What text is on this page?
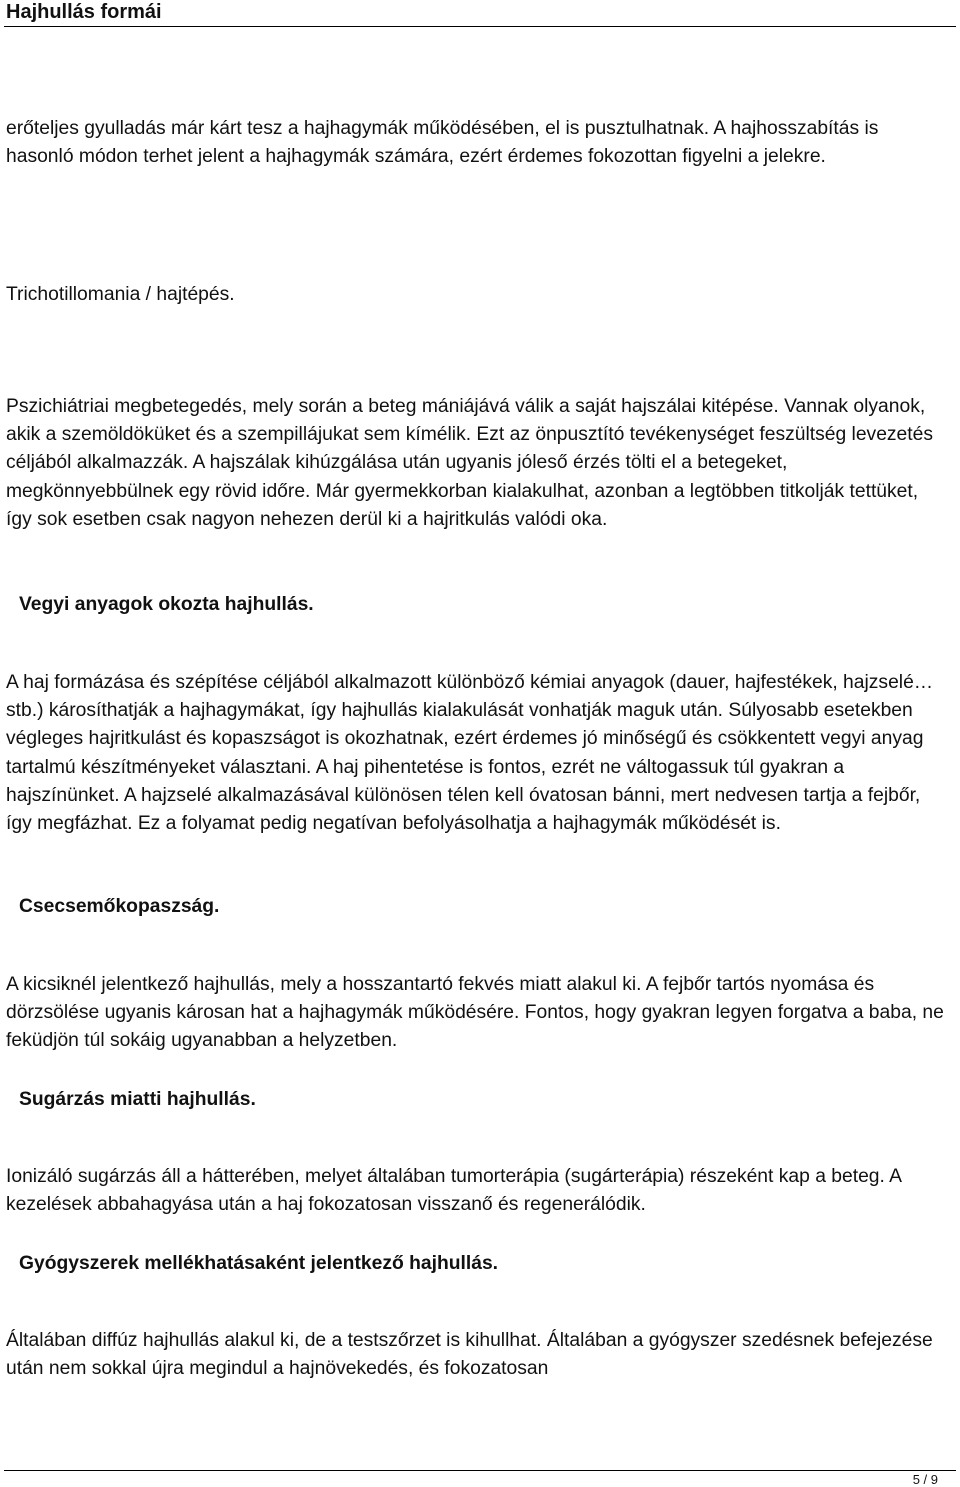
Hajhullás formái

erőteljes gyulladás már kárt tesz a hajhagymák működésében, el is pusztulhatnak. A hajhosszabítás is hasonló módon terhet jelent a hajhagymák számára, ezért érdemes fokozottan figyelni a jelekre.

Trichotillomania / hajtépés.

Pszichiátriai megbetegedés, mely során a beteg mániájává válik a saját hajszálai kitépése. Vannak olyanok, akik a szemöldöküket és a szempillájukat sem kímélik. Ezt az önpusztító tevékenységet feszültség levezetés céljából alkalmazzák. A hajszálak kihúzgálása után ugyanis jóleső érzés tölti el a betegeket, megkönnyebbülnek egy rövid időre. Már gyermekkorban kialakulhat, azonban a legtöbben titkolják tettüket, így sok esetben csak nagyon nehezen derül ki a hajritkulás valódi oka.

Vegyi anyagok okozta hajhullás.

A haj formázása és szépítése céljából alkalmazott különböző kémiai anyagok (dauer, hajfestékek, hajzselé…stb.) károsíthatják a hajhagymákat, így hajhullás kialakulását vonhatják maguk után. Súlyosabb esetekben végleges hajritkulást és kopaszságot is okozhatnak, ezért érdemes jó minőségű és csökkentett vegyi anyag tartalmú készítményeket választani. A haj pihentetése is fontos, ezrét ne váltogassuk túl gyakran a hajszínünket. A hajzselé alkalmazásával különösen télen kell óvatosan bánni, mert nedvesen tartja a fejbőr, így megfázhat. Ez a folyamat pedig negatívan befolyásolhatja a hajhagymák működését is.

Csecsemőkopaszság.

A kicsiknél jelentkező hajhullás, mely a hosszantartó fekvés miatt alakul ki. A fejbőr tartós nyomása és dörzsölése ugyanis károsan hat a hajhagymák működésére. Fontos, hogy gyakran legyen forgatva a baba, ne feküdjön túl sokáig ugyanabban a helyzetben.

Sugárzás miatti hajhullás.

Ionizáló sugárzás áll a hátterében, melyet általában tumorterápia (sugárterápia) részeként kap a beteg. A kezelések abbahagyása után a haj fokozatosan visszanő és regenerálódik.

Gyógyszerek mellékhatásaként jelentkező hajhullás.

Általában diffúz hajhullás alakul ki, de a testszőrzet is kihullhat. Általában a gyógyszer szedésnek befejezése után nem sokkal újra megindul a hajnövekedés, és fokozatosan

5 / 9
